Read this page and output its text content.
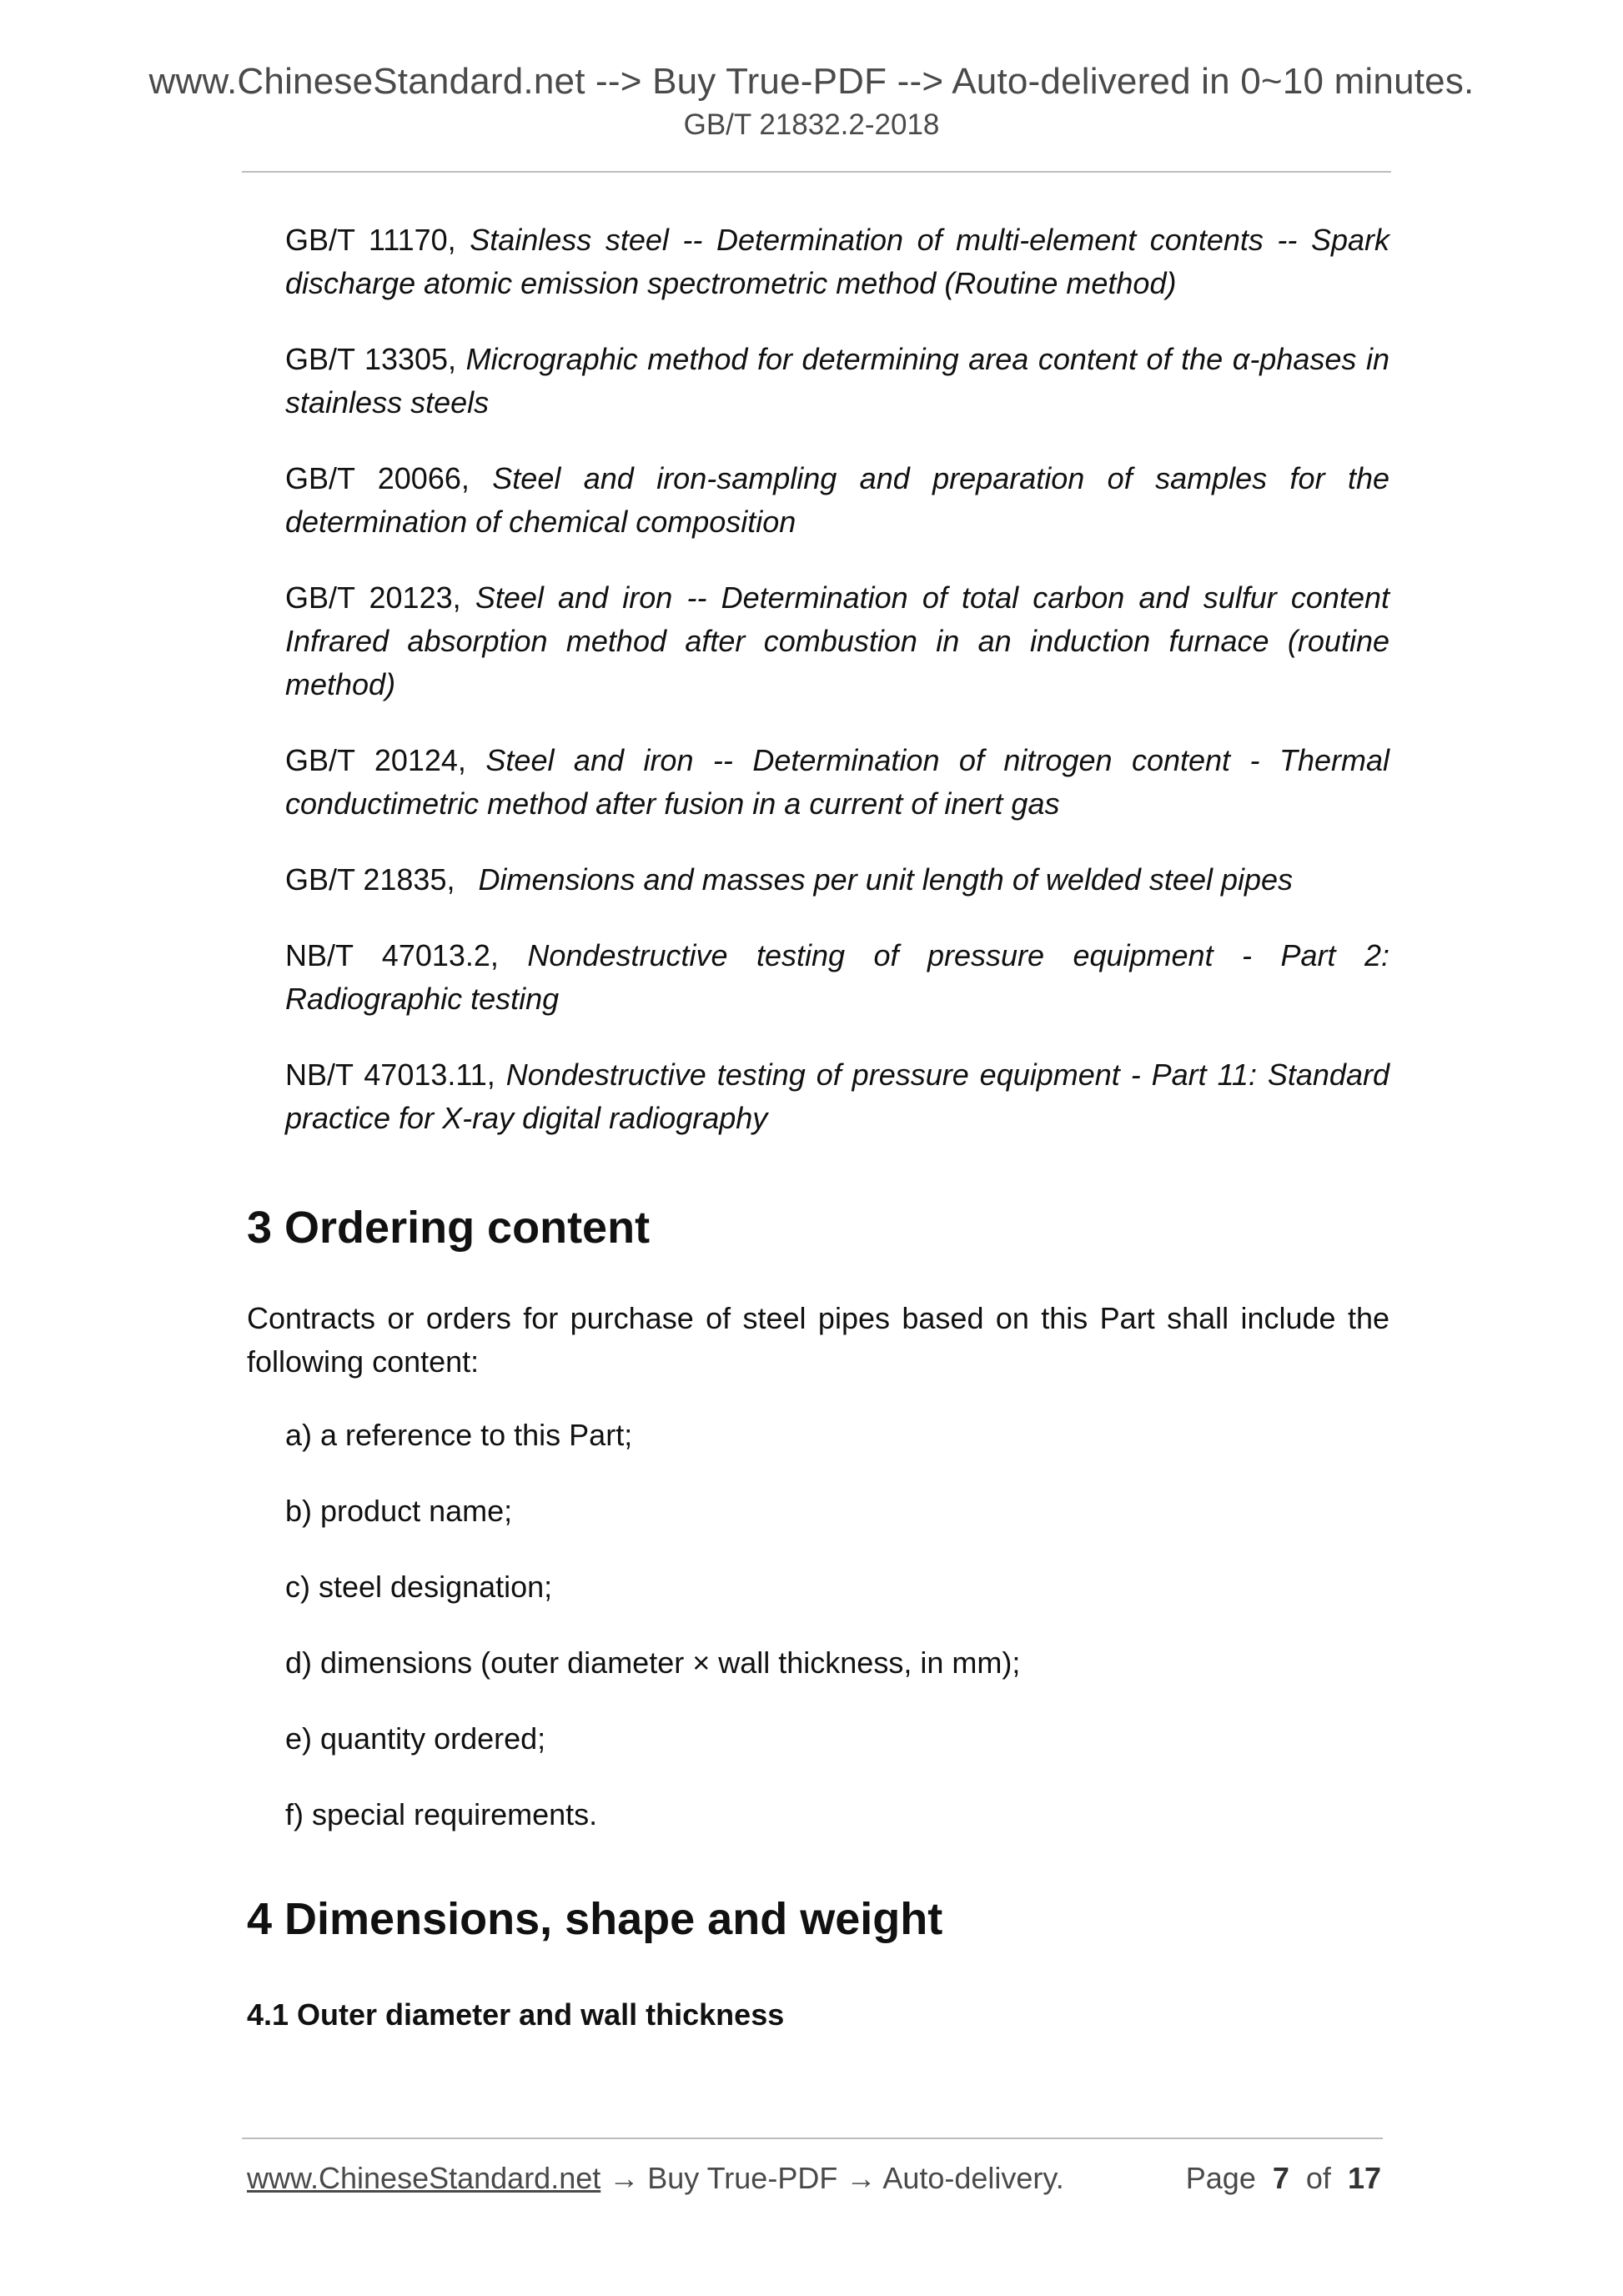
www.ChineseStandard.net --> Buy True-PDF --> Auto-delivered in 0~10 minutes.
GB/T 21832.2-2018
GB/T 11170, Stainless steel -- Determination of multi-element contents -- Spark discharge atomic emission spectrometric method (Routine method)
GB/T 13305, Micrographic method for determining area content of the α-phases in stainless steels
GB/T 20066, Steel and iron-sampling and preparation of samples for the determination of chemical composition
GB/T 20123, Steel and iron -- Determination of total carbon and sulfur content Infrared absorption method after combustion in an induction furnace (routine method)
GB/T 20124, Steel and iron -- Determination of nitrogen content - Thermal conductimetric method after fusion in a current of inert gas
GB/T 21835, Dimensions and masses per unit length of welded steel pipes
NB/T 47013.2, Nondestructive testing of pressure equipment - Part 2: Radiographic testing
NB/T 47013.11, Nondestructive testing of pressure equipment - Part 11: Standard practice for X-ray digital radiography
3 Ordering content

Contracts or orders for purchase of steel pipes based on this Part shall include the following content:

a) a reference to this Part;
b) product name;
c) steel designation;
d) dimensions (outer diameter × wall thickness, in mm);
e) quantity ordered;
f) special requirements.
4 Dimensions, shape and weight
4.1 Outer diameter and wall thickness
www.ChineseStandard.net → Buy True-PDF → Auto-delivery.	Page 7 of 17
